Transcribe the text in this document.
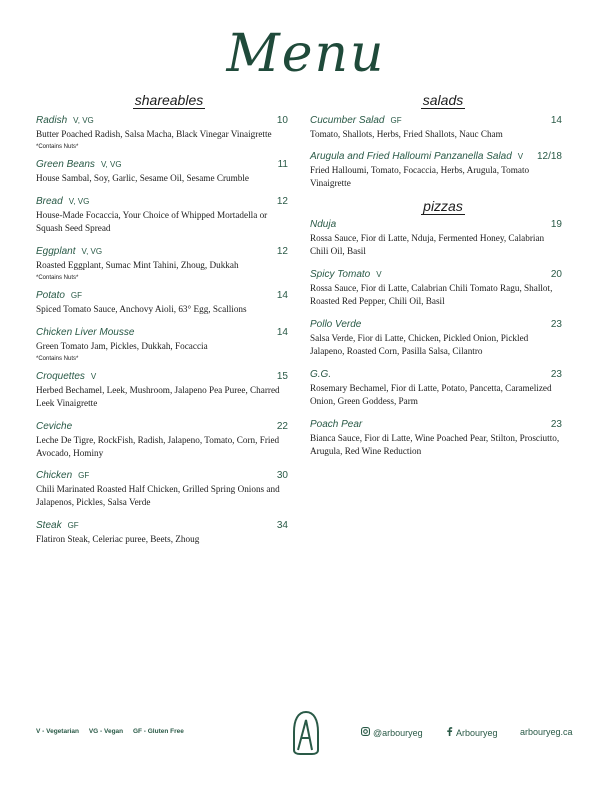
Menu
shareables	salads
Radish V, VG	10
Butter Poached Radish, Salsa Macha, Black Vinegar Vinaigrette
*Contains Nuts*
Green Beans V, VG	11
House Sambal, Soy, Garlic, Sesame Oil, Sesame Crumble
Bread V, VG	12
House-Made Focaccia, Your Choice of Whipped Mortadella or Squash Seed Spread
Eggplant V, VG	12
Roasted Eggplant, Sumac Mint Tahini, Zhoug, Dukkah
*Contains Nuts*
Potato GF	14
Spiced Tomato Sauce, Anchovy Aioli, 63° Egg, Scallions
Chicken Liver Mousse	14
Green Tomato Jam, Pickles, Dukkah, Focaccia
*Contains Nuts*
Croquettes V	15
Herbed Bechamel, Leek, Mushroom, Jalapeno Pea Puree, Charred Leek Vinaigrette
Ceviche	22
Leche De Tigre, RockFish, Radish, Jalapeno, Tomato, Corn, Fried Avocado, Hominy
Chicken GF	30
Chili Marinated Roasted Half Chicken, Grilled Spring Onions and Jalapenos, Pickles, Salsa Verde
Steak GF	34
Flatiron Steak, Celeriac puree, Beets, Zhoug
Cucumber Salad GF	14
Tomato, Shallots, Herbs, Fried Shallots, Nauc Cham
Arugula and Fried Halloumi Panzanella Salad V 12/18
Fried Halloumi, Tomato, Focaccia, Herbs, Arugula, Tomato Vinaigrette
pizzas
Nduja	19
Rossa Sauce, Fior di Latte, Nduja, Fermented Honey, Calabrian Chili Oil, Basil
Spicy Tomato V	20
Rossa Sauce, Fior di Latte, Calabrian Chili Tomato Ragu, Shallot, Roasted Red Pepper, Chili Oil, Basil
Pollo Verde	23
Salsa Verde, Fior di Latte, Chicken, Pickled Onion, Pickled Jalapeno, Roasted Corn, Pasilla Salsa, Cilantro
G.G.	23
Rosemary Bechamel, Fior di Latte, Potato, Pancetta, Caramelized Onion, Green Goddess, Parm
Poach Pear	23
Bianca Sauce, Fior di Latte, Wine Poached Pear, Stilton, Prosciutto, Arugula, Red Wine Reduction
V - Vegetarian VG - Vegan GF - Gluten Free	@arbouryeg	Arbouryeg arbouryeg.ca
